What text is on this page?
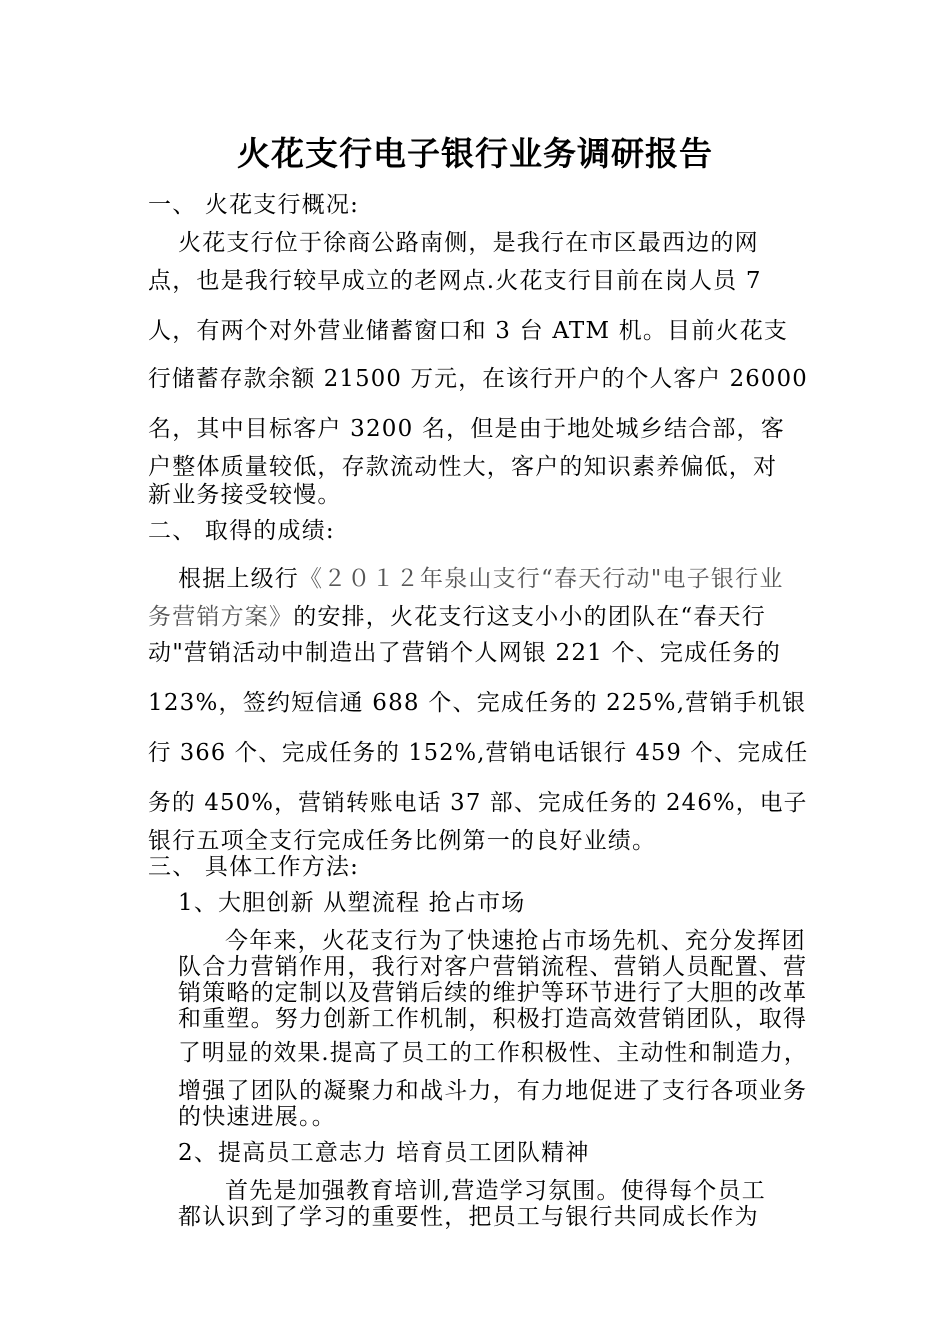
火花支行电子银行业务调研报告
一、 火花支行概况:
火花支行位于徐商公路南侧，是我行在市区最西边的网
点，也是我行较早成立的老网点.火花支行目前在岗人员 7
人，有两个对外营业储蓄窗口和 3 台 ATM 机。目前火花支
行储蓄存款余额 21500 万元，在该行开户的个人客户 26000
名，其中目标客户 3200 名，但是由于地处城乡结合部，客
户整体质量较低，存款流动性大，客户的知识素养偏低，对
新业务接受较慢。
二、 取得的成绩:
根据上级行《２０１２年泉山支行“春天行动"电子银行业
务营销方案》的安排，火花支行这支小小的团队在“春天行
动"营销活动中制造出了营销个人网银 221 个、完成任务的
123%，签约短信通 688 个、完成任务的 225%,营销手机银
行 366 个、完成任务的 152%,营销电话银行 459 个、完成任
务的 450%，营销转账电话 37 部、完成任务的 246%，电子
银行五项全支行完成任务比例第一的良好业绩。
三、 具体工作方法:
1、大胆创新 从塑流程 抢占市场
今年来，火花支行为了快速抢占市场先机、充分发挥团
队合力营销作用，我行对客户营销流程、营销人员配置、营
销策略的定制以及营销后续的维护等环节进行了大胆的改革
和重塑。努力创新工作机制，积极打造高效营销团队，取得
了明显的效果.提高了员工的工作积极性、主动性和制造力，
增强了团队的凝聚力和战斗力，有力地促进了支行各项业务
的快速进展。。
2、提高员工意志力 培育员工团队精神
首先是加强教育培训,营造学习氛围。使得每个员工
都认识到了学习的重要性，把员工与银行共同成长作为
